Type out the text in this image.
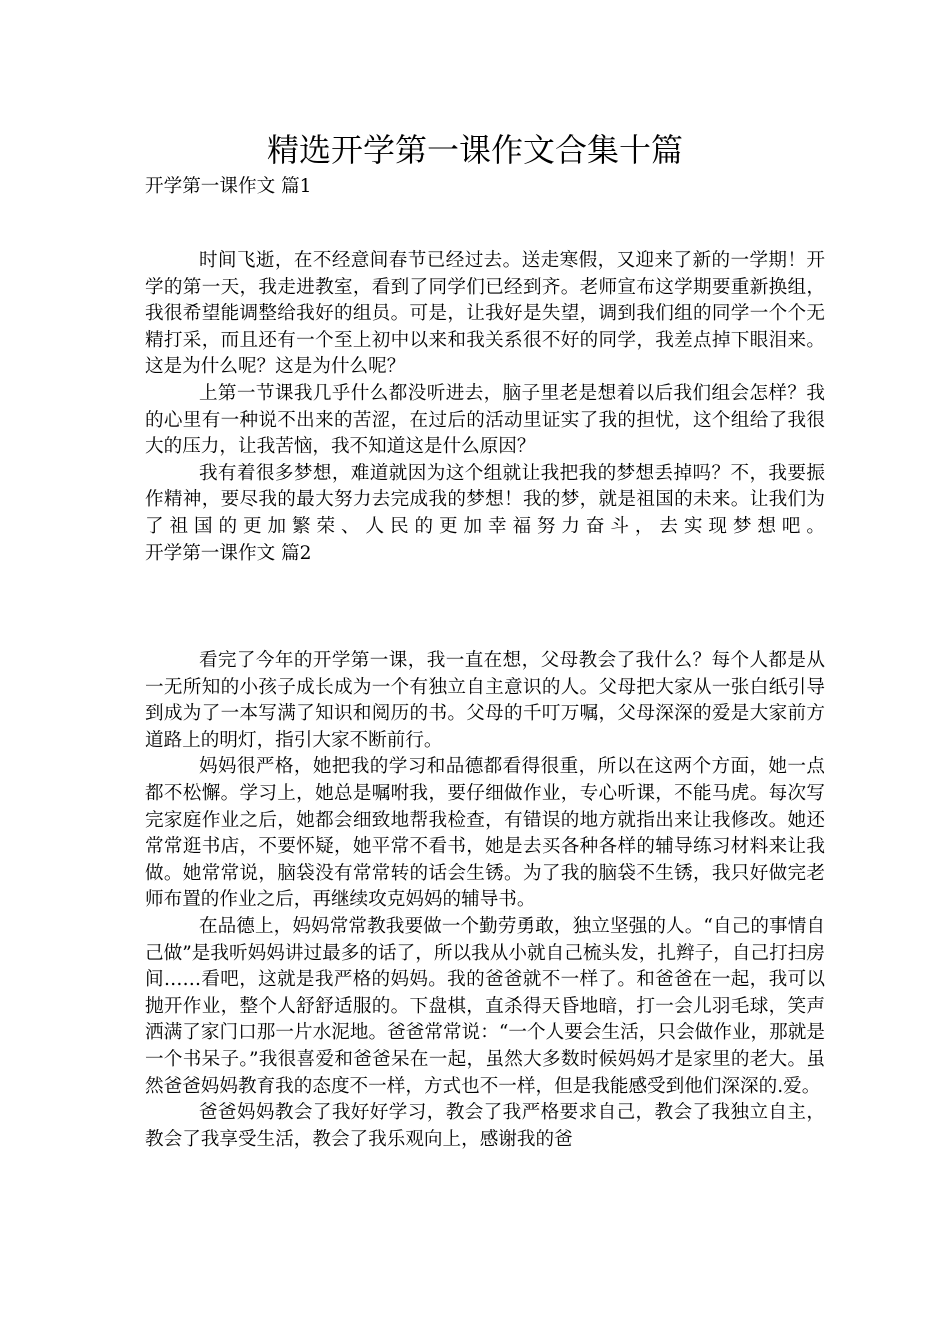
精选开学第一课作文合集十篇
开学第一课作文 篇1

时间飞逝，在不经意间春节已经过去。送走寒假，又迎来了新的一学期！开学的第一天，我走进教室，看到了同学们已经到齐。老师宣布这学期要重新换组，我很希望能调整给我好的组员。可是，让我好是失望，调到我们组的同学一个个无精打采，而且还有一个至上初中以来和我关系很不好的同学，我差点掉下眼泪来。这是为什么呢？这是为什么呢？

上第一节课我几乎什么都没听进去，脑子里老是想着以后我们组会怎样？我的心里有一种说不出来的苦涩，在过后的活动里证实了我的担忧，这个组给了我很大的压力，让我苦恼，我不知道这是什么原因？

我有着很多梦想，难道就因为这个组就让我把我的梦想丢掉吗？不，我要振作精神，要尽我的最大努力去完成我的梦想！我的梦，就是祖国的未来。让我们为了祖国的更加繁荣、人民的更加幸福努力奋斗，去实现梦想吧。开学第一课作文 篇2

看完了今年的开学第一课，我一直在想，父母教会了我什么？每个人都是从一无所知的小孩子成长成为一个有独立自主意识的人。父母把大家从一张白纸引导到成为了一本写满了知识和阅历的书。父母的千叮万嘱，父母深深的爱是大家前方道路上的明灯，指引大家不断前行。

妈妈很严格，她把我的学习和品德都看得很重，所以在这两个方面，她一点都不松懈。学习上，她总是嘱咐我，要仔细做作业，专心听课，不能马虎。每次写完家庭作业之后，她都会细致地帮我检查，有错误的地方就指出来让我修改。她还常常逛书店，不要怀疑，她平常不看书，她是去买各种各样的辅导练习材料来让我做。她常常说，脑袋没有常常转的话会生锈。为了我的脑袋不生锈，我只好做完老师布置的作业之后，再继续攻克妈妈的辅导书。

在品德上，妈妈常常教我要做一个勤劳勇敢，独立坚强的人。“自己的事情自己做”是我听妈妈讲过最多的话了，所以我从小就自己梳头发，扎辫子，自己打扫房间……看吧，这就是我严格的妈妈。我的爸爸就不一样了。和爸爸在一起，我可以抛开作业，整个人舒舒适服的。下盘棋，直杀得天昏地暗，打一会儿羽毛球，笑声洒满了家门口那一片水泥地。爸爸常常说：“一个人要会生活，只会做作业，那就是一个书呆子。”我很喜爱和爸爸呆在一起，虽然大多数时候妈妈才是家里的老大。虽然爸爸妈妈教育我的态度不一样，方式也不一样，但是我能感受到他们深深的.爱。

爸爸妈妈教会了我好好学习，教会了我严格要求自己，教会了我独立自主，教会了我享受生活，教会了我乐观向上，感谢我的爸
